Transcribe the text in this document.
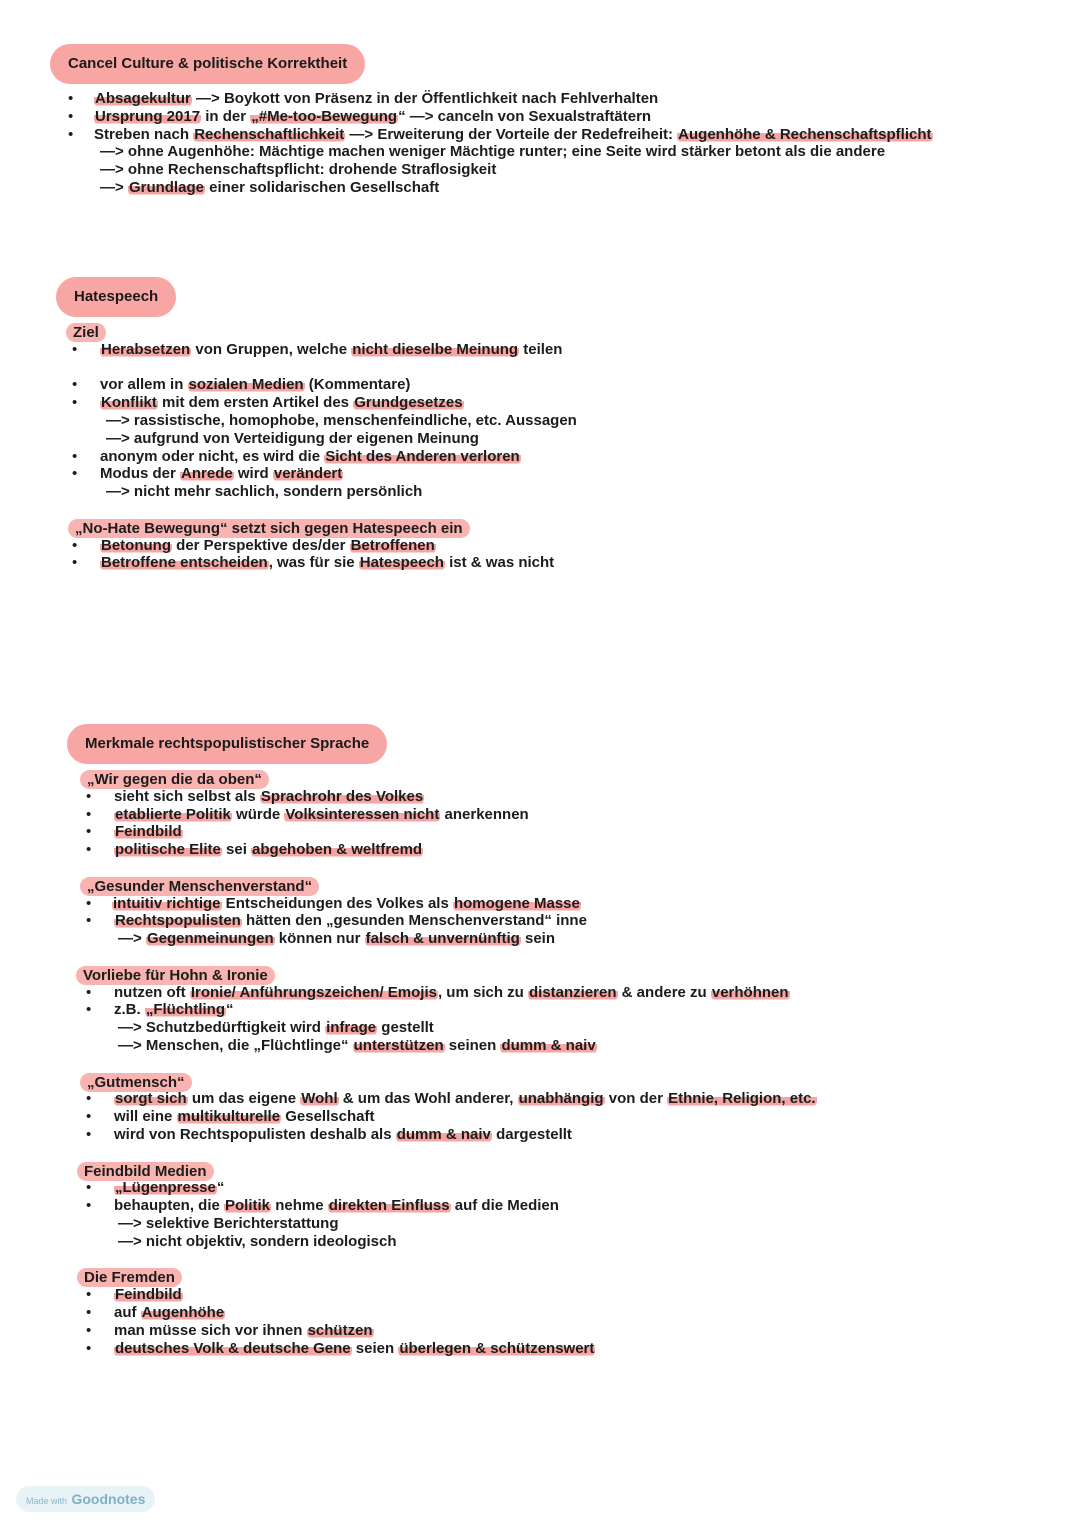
Cancel Culture & politische Korrektheit
• Absagekultur —> Boykott von Präsenz in der Öffentlichkeit nach Fehlverhalten
• Ursprung 2017 in der „#Me-too-Bewegung“ —> canceln von Sexualstraftätern
• Streben nach Rechenschaftlichkeit —> Erweiterung der Vorteile der Redefreiheit: Augenhöhe & Rechenschaftspflicht
—> ohne Augenhöhe: Mächtige machen weniger Mächtige runter; eine Seite wird stärker betont als die andere
—> ohne Rechenschaftspflicht: drohende Straflosigkeit
—> Grundlage einer solidarischen Gesellschaft
Hatespeech
Ziel
• Herabsetzen von Gruppen, welche nicht dieselbe Meinung teilen
• vor allem in sozialen Medien (Kommentare)
• Konflikt mit dem ersten Artikel des Grundgesetzes
—> rassistische, homophobe, menschenfeindliche, etc. Aussagen
—> aufgrund von Verteidigung der eigenen Meinung
• anonym oder nicht, es wird die Sicht des Anderen verloren
• Modus der Anrede wird verändert
—> nicht mehr sachlich, sondern persönlich
„No-Hate Bewegung“ setzt sich gegen Hatespeech ein
• Betonung der Perspektive des/der Betroffenen
• Betroffene entscheiden, was für sie Hatespeech ist & was nicht
Merkmale rechtspopulistischer Sprache
„Wir gegen die da oben“
• sieht sich selbst als Sprachrohr des Volkes
• etablierte Politik würde Volksinteressen nicht anerkennen
• Feindbild
• politische Elite sei abgehoben & weltfremd
„Gesunder Menschenverstand“
• intuitiv richtige Entscheidungen des Volkes als homogene Masse
• Rechtspopulisten hätten den „gesunden Menschenverstand“ inne
—> Gegenmeinungen können nur falsch & unvernünftig sein
Vorliebe für Hohn & Ironie
• nutzen oft Ironie/ Anführungszeichen/ Emojis, um sich zu distanzieren & andere zu verhöhnen
• z.B. „Flüchtling“
—> Schutzbedürftigkeit wird infrage gestellt
—> Menschen, die „Flüchtlinge“ unterstützen seinen dumm & naiv
„Gutmensch“
• sorgt sich um das eigene Wohl & um das Wohl anderer, unabhängig von der Ethnie, Religion, etc.
• will eine multikulturelle Gesellschaft
• wird von Rechtspopulisten deshalb als dumm & naiv dargestellt
Feindbild Medien
• „Lügenpresse“
• behaupten, die Politik nehme direkten Einfluss auf die Medien
—> selektive Berichterstattung
—> nicht objektiv, sondern ideologisch
Die Fremden
• Feindbild
• auf Augenhöhe
• man müsse sich vor ihnen schützen
• deutsches Volk & deutsche Gene seien überlegen & schützenswert
Made with Goodnotes
